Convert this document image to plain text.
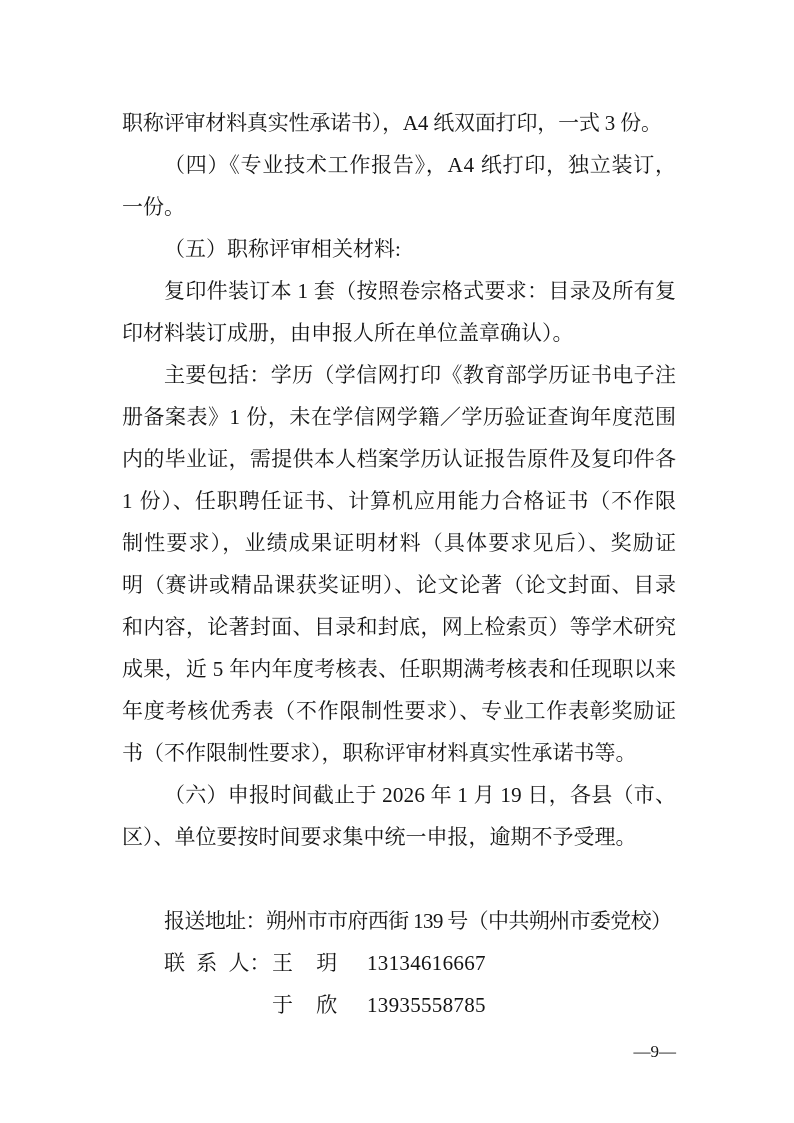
职称评审材料真实性承诺书），A4 纸双面打印，一式 3 份。
（四）《专业技术工作报告》，A4 纸打印，独立装订，
一份。
（五）职称评审相关材料:
复印件装订本 1 套（按照卷宗格式要求：目录及所有复
印材料装订成册，由申报人所在单位盖章确认）。
主要包括：学历（学信网打印《教育部学历证书电子注
册备案表》1 份，未在学信网学籍／学历验证查询年度范围
内的毕业证，需提供本人档案学历认证报告原件及复印件各
1 份）、任职聘任证书、计算机应用能力合格证书（不作限
制性要求），业绩成果证明材料（具体要求见后）、奖励证
明（赛讲或精品课获奖证明）、论文论著（论文封面、目录
和内容，论著封面、目录和封底，网上检索页）等学术研究
成果，近 5 年内年度考核表、任职期满考核表和任现职以来
年度考核优秀表（不作限制性要求）、专业工作表彰奖励证
书（不作限制性要求），职称评审材料真实性承诺书等。
（六）申报时间截止于 2026 年 1 月 19 日，各县（市、
区）、单位要按时间要求集中统一申报，逾期不予受理。
报送地址：朔州市市府西街 139 号（中共朔州市委党校）
联 系 人：王 玥 13134616667
于 欣 13935558785
—9—
